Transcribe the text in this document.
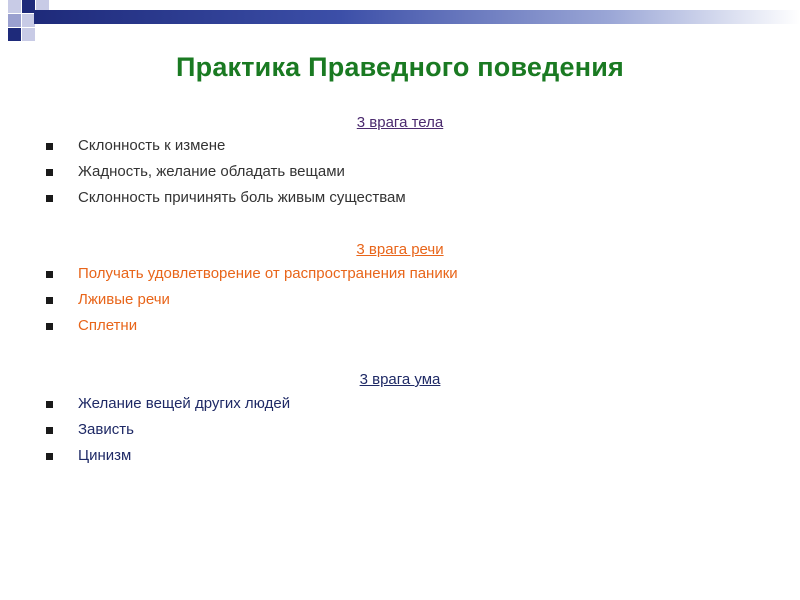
Практика Праведного поведения
3 врага тела
Склонность к измене
Жадность, желание обладать вещами
Склонность причинять боль живым существам
3 врага речи
Получать удовлетворение от распространения паники
Лживые речи
Сплетни
3 врага ума
Желание вещей других людей
Зависть
Цинизм
